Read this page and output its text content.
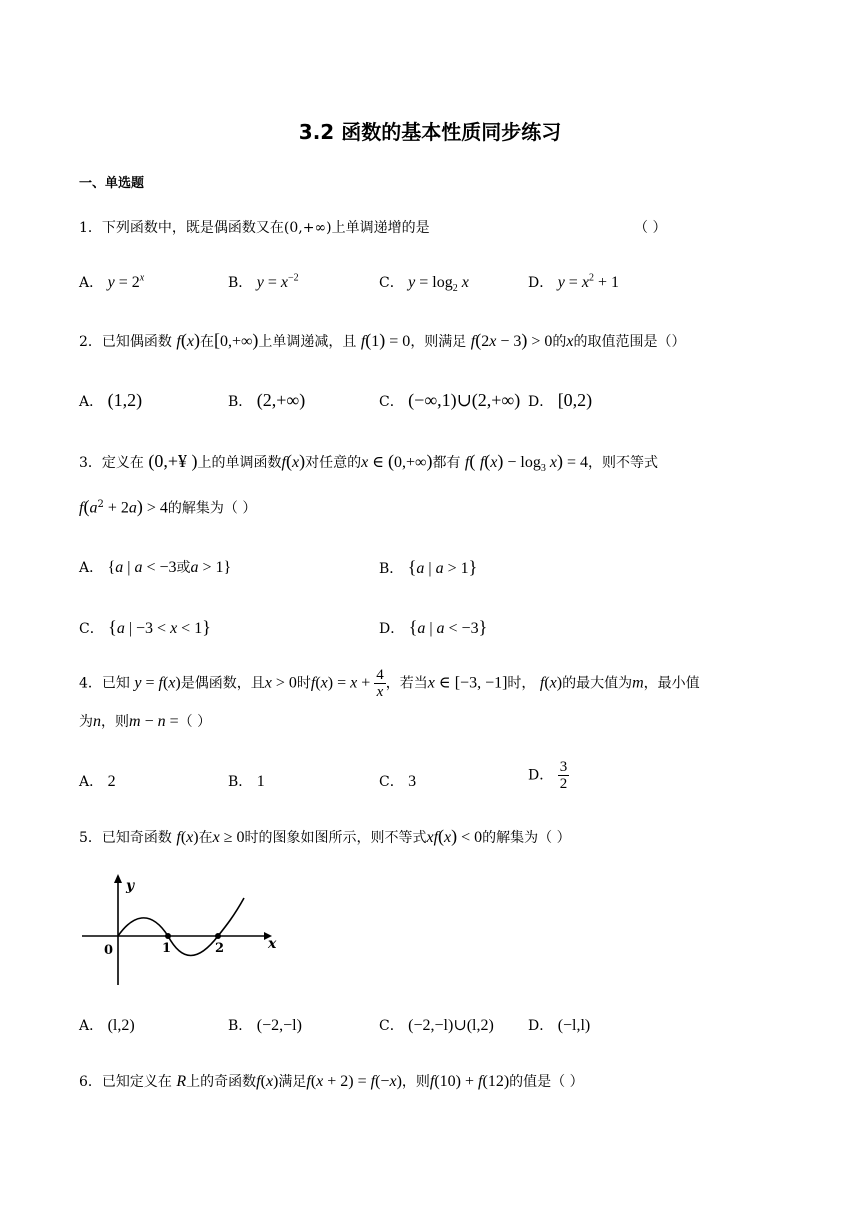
3.2 函数的基本性质同步练习
一、单选题
1．下列函数中，既是偶函数又在(0,+∞)上单调递增的是	（ ）
A． $y = 2^x$	B． $y = x^{-2}$	C． $y = \log_2 x$	D． $y = x^2 + 1$
2．已知偶函数 f(x)在[0,+∞)上单调递减，且 f(1) = 0，则满足 f(2x − 3) > 0的x的取值范围是（）
A． (1,2)	B． (2,+∞)	C． (−∞,1)∪(2,+∞) D． [0,2)
3．定义在 (0,+¥ )上的单调函数f(x)对任意的x ∈ (0,+∞)都有 f( $f(x) - \log_3 x) = 4$，则不等式
$f(a^2 + 2a) > 4$的解集为（ ）
A． {a | a < −3或a > 1}	B． {a | a > 1}
C． {a | −3 < x < 1}	D． {a | a < −3}
4．已知 y = f(x)是偶函数，且x > 0时$f(x) = x + \frac{4}{x}$ ，若当x ∈ [−3, −1]时， f(x)的最大值为m，最小值
为n，则m − n =（ ）
A． 2	B． 1	C． 3	D． $\frac{3}{2}$
5．已知奇函数 f(x)在x ≥ 0时的图象如图所示，则不等式xf(x) < 0的解集为（ ）
y
x
0	1	2
A． (l,2)	B． (−2,−l)	C． (−2,−l)∪(l,2) D． (−l,l)
6．已知定义在 R上的奇函数f(x)满足f(x + 2) = f(−x)，则f(10) + f(12)的值是（ ）
